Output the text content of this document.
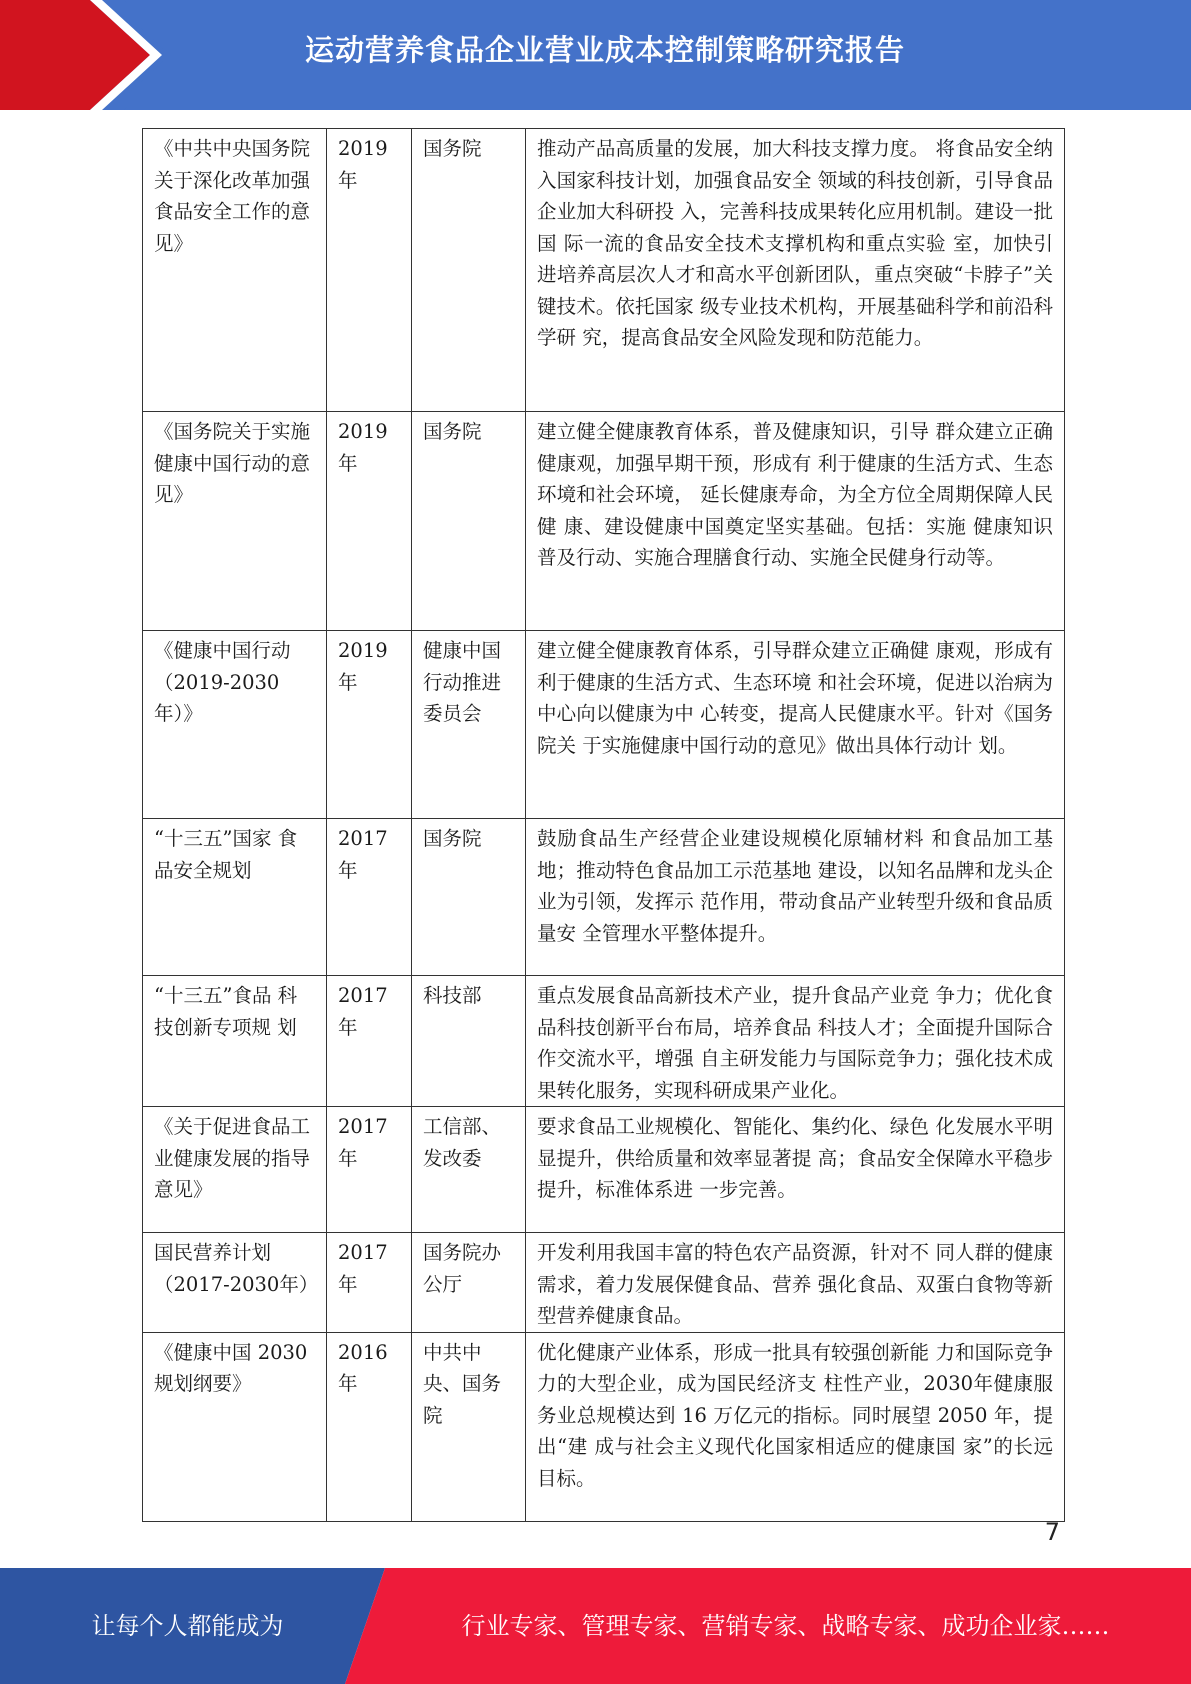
运动营养食品企业营业成本控制策略研究报告
《中共中央国务院关于深化改革加强食品安全工作的意见》	2019年	国务院	推动产品高质量的发展，加大科技支撑力度。 将食品安全纳入国家科技计划，加强食品安全 领域的科技创新，引导食品企业加大科研投 入，完善科技成果转化应用机制。建设一批国 际一流的食品安全技术支撑机构和重点实验 室，加快引进培养高层次人才和高水平创新团队，重点突破“卡脖子”关键技术。依托国家 级专业技术机构，开展基础科学和前沿科学研 究，提高食品安全风险发现和防范能力。
《国务院关于实施健康中国行动的意见》	2019年	国务院	建立健全健康教育体系，普及健康知识，引导 群众建立正确健康观，加强早期干预，形成有 利于健康的生活方式、生态环境和社会环境， 延长健康寿命，为全方位全周期保障人民健 康、建设健康中国奠定坚实基础。包括：实施 健康知识普及行动、实施合理膳食行动、实施全民健身行动等。
《健康中国行动（2019-2030年）》	2019年	健康中国行动推进委员会	建立健全健康教育体系，引导群众建立正确健 康观，形成有利于健康的生活方式、生态环境 和社会环境，促进以治病为中心向以健康为中 心转变，提高人民健康水平。针对《国务院关 于实施健康中国行动的意见》做出具体行动计 划。
“十三五”国家 食品安全规划	2017年	国务院	鼓励食品生产经营企业建设规模化原辅材料 和食品加工基地；推动特色食品加工示范基地 建设，以知名品牌和龙头企业为引领，发挥示 范作用，带动食品产业转型升级和食品质量安 全管理水平整体提升。
“十三五”食品 科技创新专项规 划	2017年	科技部	重点发展食品高新技术产业，提升食品产业竞 争力；优化食品科技创新平台布局，培养食品 科技人才；全面提升国际合作交流水平，增强 自主研发能力与国际竞争力；强化技术成果转化服务，实现科研成果产业化。
《关于促进食品工业健康发展的指导意见》	2017年	工信部、发改委	要求食品工业规模化、智能化、集约化、绿色 化发展水平明显提升，供给质量和效率显著提 高；食品安全保障水平稳步提升，标准体系进 一步完善。
国民营养计划（2017-2030年）	2017年	国务院办公厅	开发利用我国丰富的特色农产品资源，针对不 同人群的健康需求，着力发展保健食品、营养 强化食品、双蛋白食物等新型营养健康食品。
《健康中国 2030 规划纲要》	2016年	中共中央、国务院	优化健康产业体系，形成一批具有较强创新能 力和国际竞争力的大型企业，成为国民经济支 柱性产业，2030年健康服务业总规模达到 16 万亿元的指标。同时展望 2050 年，提出“建 成与社会主义现代化国家相适应的健康国 家”的长远目标。
7
让每个人都能成为	行业专家、管理专家、营销专家、战略专家、成功企业家……
